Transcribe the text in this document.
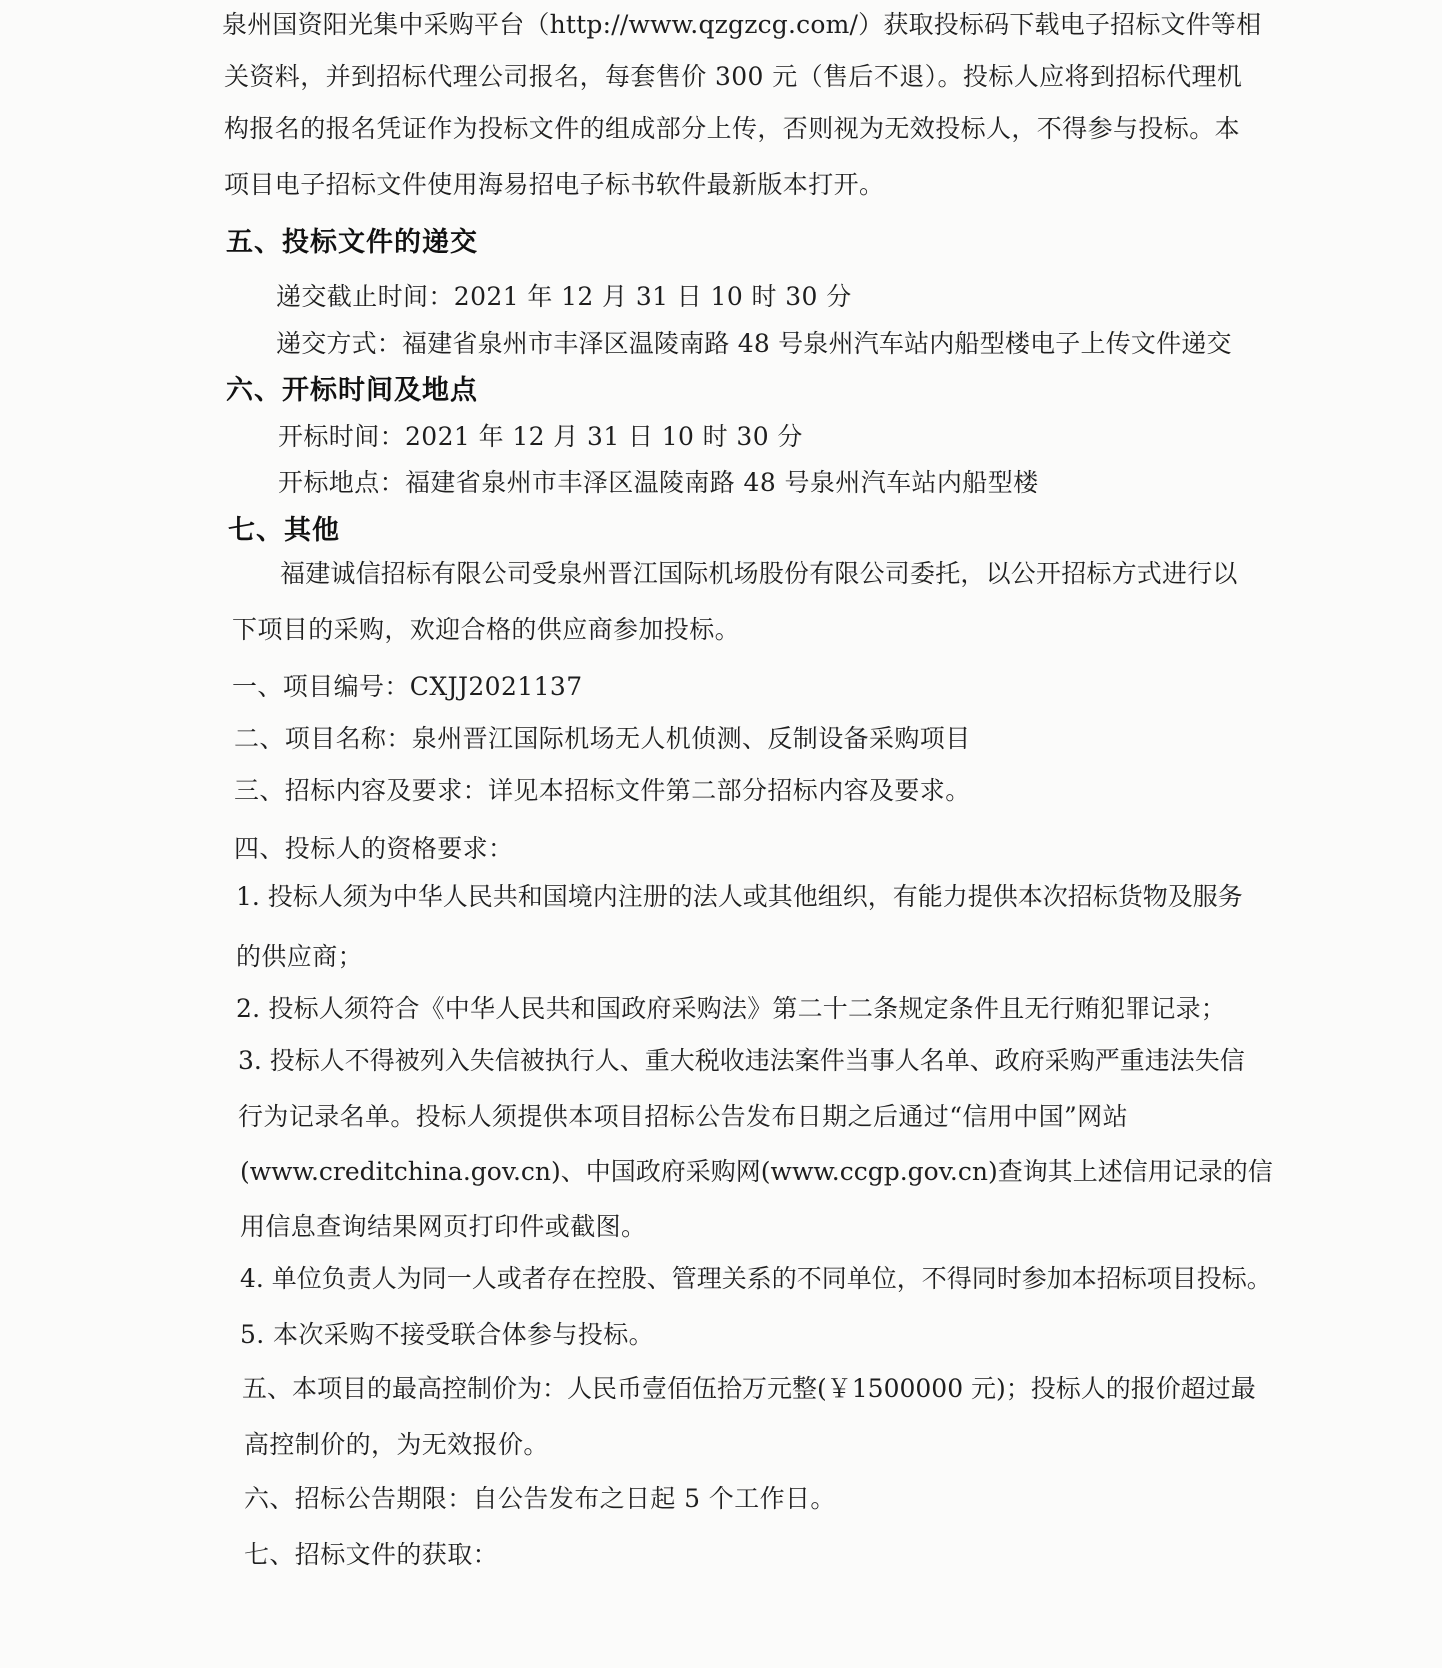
泉州国资阳光集中采购平台（http://www.qzgzcg.com/）获取投标码下载电子招标文件等相

关资料，并到招标代理公司报名，每套售价 300 元（售后不退）。投标人应将到招标代理机

构报名的报名凭证作为投标文件的组成部分上传，否则视为无效投标人，不得参与投标。本

项目电子招标文件使用海易招电子标书软件最新版本打开。

五、投标文件的递交

递交截止时间：2021 年 12 月 31 日 10 时 30 分

递交方式：福建省泉州市丰泽区温陵南路 48 号泉州汽车站内船型楼电子上传文件递交

六、开标时间及地点

开标时间：2021 年 12 月 31 日 10 时 30 分

开标地点：福建省泉州市丰泽区温陵南路 48 号泉州汽车站内船型楼

七、其他

福建诚信招标有限公司受泉州晋江国际机场股份有限公司委托，以公开招标方式进行以

下项目的采购，欢迎合格的供应商参加投标。

一、项目编号：CXJJ2021137

二、项目名称：泉州晋江国际机场无人机侦测、反制设备采购项目

三、招标内容及要求：详见本招标文件第二部分招标内容及要求。

四、投标人的资格要求：

1. 投标人须为中华人民共和国境内注册的法人或其他组织，有能力提供本次招标货物及服务

的供应商；

2. 投标人须符合《中华人民共和国政府采购法》第二十二条规定条件且无行贿犯罪记录；

3. 投标人不得被列入失信被执行人、重大税收违法案件当事人名单、政府采购严重违法失信

行为记录名单。投标人须提供本项目招标公告发布日期之后通过“信用中国”网站

(www.creditchina.gov.cn)、中国政府采购网(www.ccgp.gov.cn)查询其上述信用记录的信

用信息查询结果网页打印件或截图。

4. 单位负责人为同一人或者存在控股、管理关系的不同单位，不得同时参加本招标项目投标。

5. 本次采购不接受联合体参与投标。

五、本项目的最高控制价为：人民币壹佰伍拾万元整(￥1500000 元)；投标人的报价超过最

高控制价的，为无效报价。

六、招标公告期限：自公告发布之日起 5 个工作日。

七、招标文件的获取：
